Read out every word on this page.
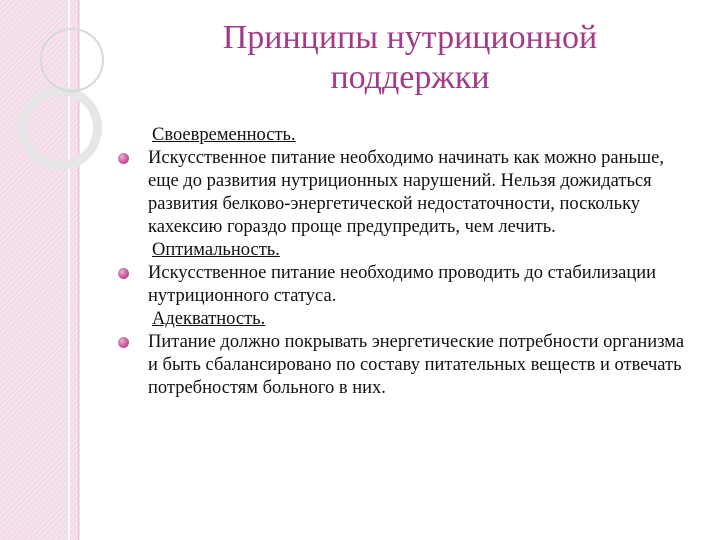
Принципы нутриционной
поддержки

Своевременность.

Искусственное питание необходимо начинать как можно раньше, еще до развития нутриционных нарушений. Нельзя дожидаться развития белково-энергетической недостаточности, поскольку кахексию гораздо проще предупредить, чем лечить.

Оптимальность.

Искусственное питание необходимо проводить до стабилизации нутриционного статуса.

Адекватность.

Питание должно покрывать энергетические потребности организма и быть сбалансировано по составу питательных веществ и отвечать потребностям больного в них.
